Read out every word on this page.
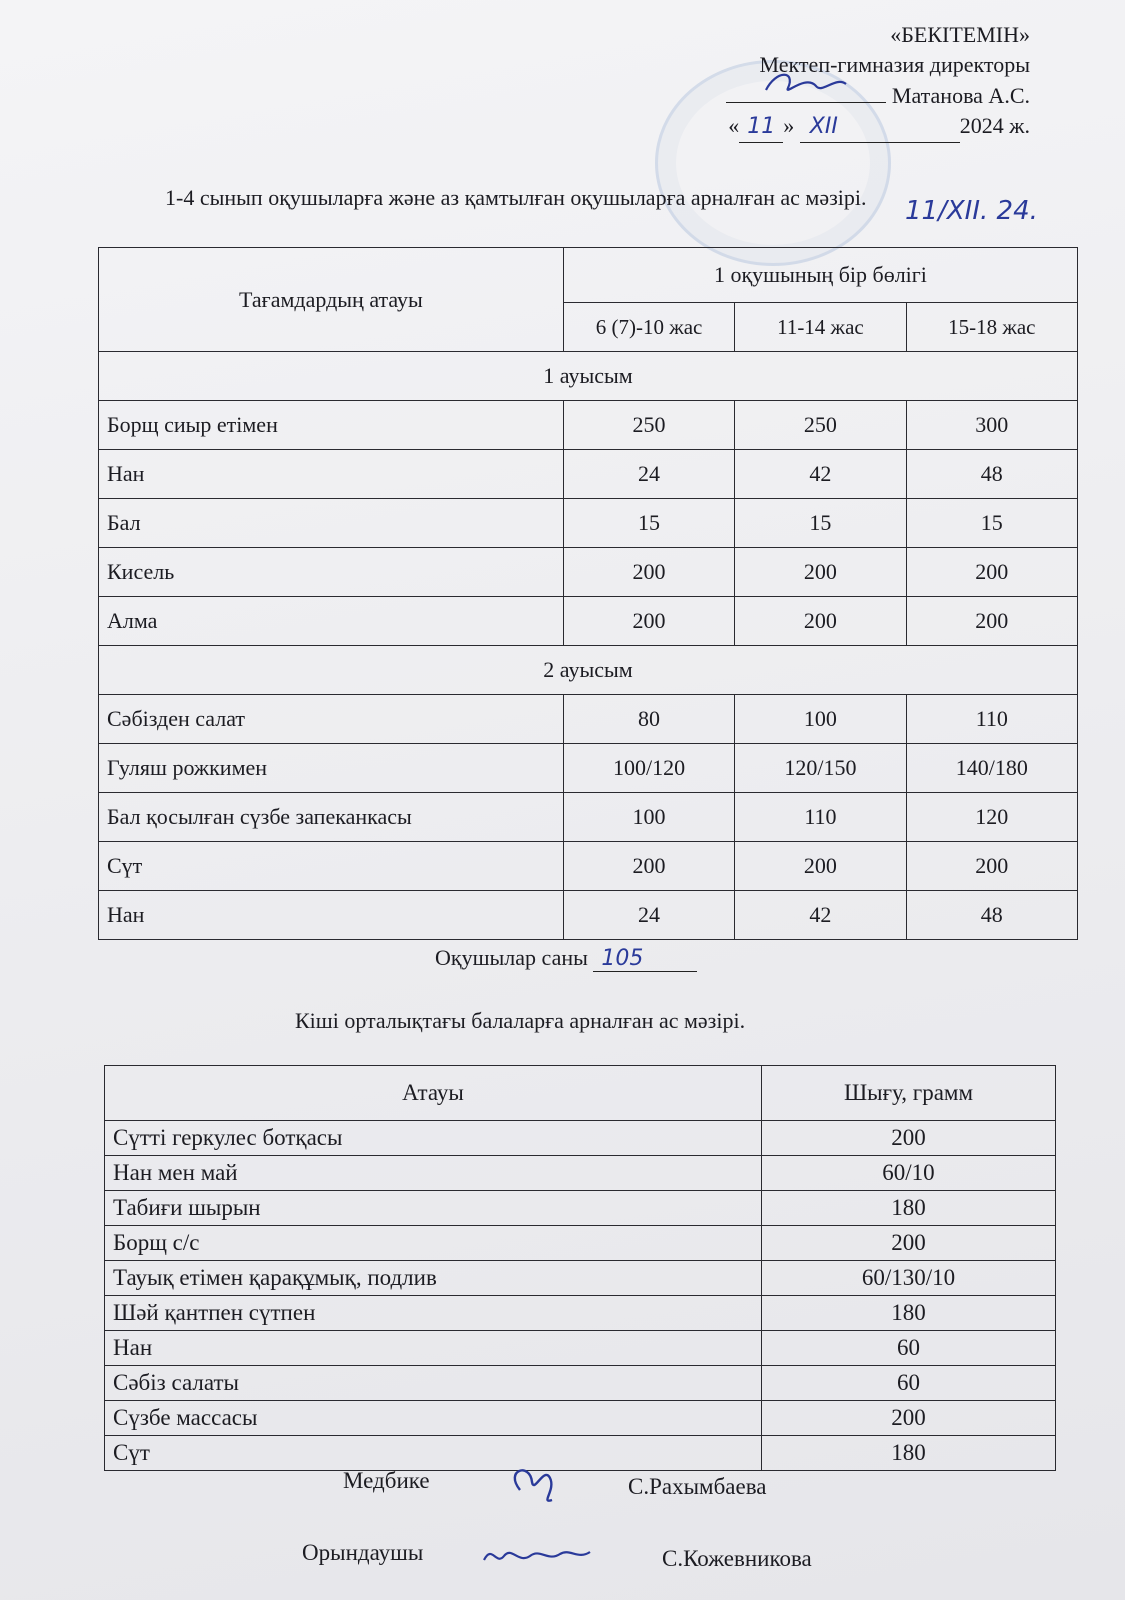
«БЕКІТЕМІН»
Мектеп-гимназия директоры
Матанова А.С.
« 11 » XII	2024 ж.
1-4 сынып оқушыларға және аз қамтылған оқушыларға арналған ас мәзірі. 11/XII. 24.
Тағамдардың атауы	1 оқушының бір бөлігі		
	6 (7)-10 жас	11-14 жас	15-18 жас
1 ауысым			
Борщ сиыр етімен	250	250	300
Нан	24	42	48
Бал	15	15	15
Кисель	200	200	200
Алма	200	200	200
2 ауысым			
Сәбізден салат	80	100	110
Гуляш рожкимен	100/120	120/150	140/180
Бал қосылған сүзбе запеканкасы	100	110	120
Сүт	200	200	200
Нан	24	42	48
Оқушылар саны 105
Кіші орталықтағы балаларға арналған ас мәзірі.
Атауы	Шығу, грамм
Сүтті геркулес ботқасы	200
Нан мен май	60/10
Табиғи шырын	180
Борщ с/с	200
Тауық етімен қарақұмық, подлив	60/130/10
Шәй қантпен сүтпен	180
Нан	60
Сәбіз салаты	60
Сүзбе массасы	200
Сүт	180
Медбике	С.Рахымбаева
Орындаушы	С.Кожевникова
